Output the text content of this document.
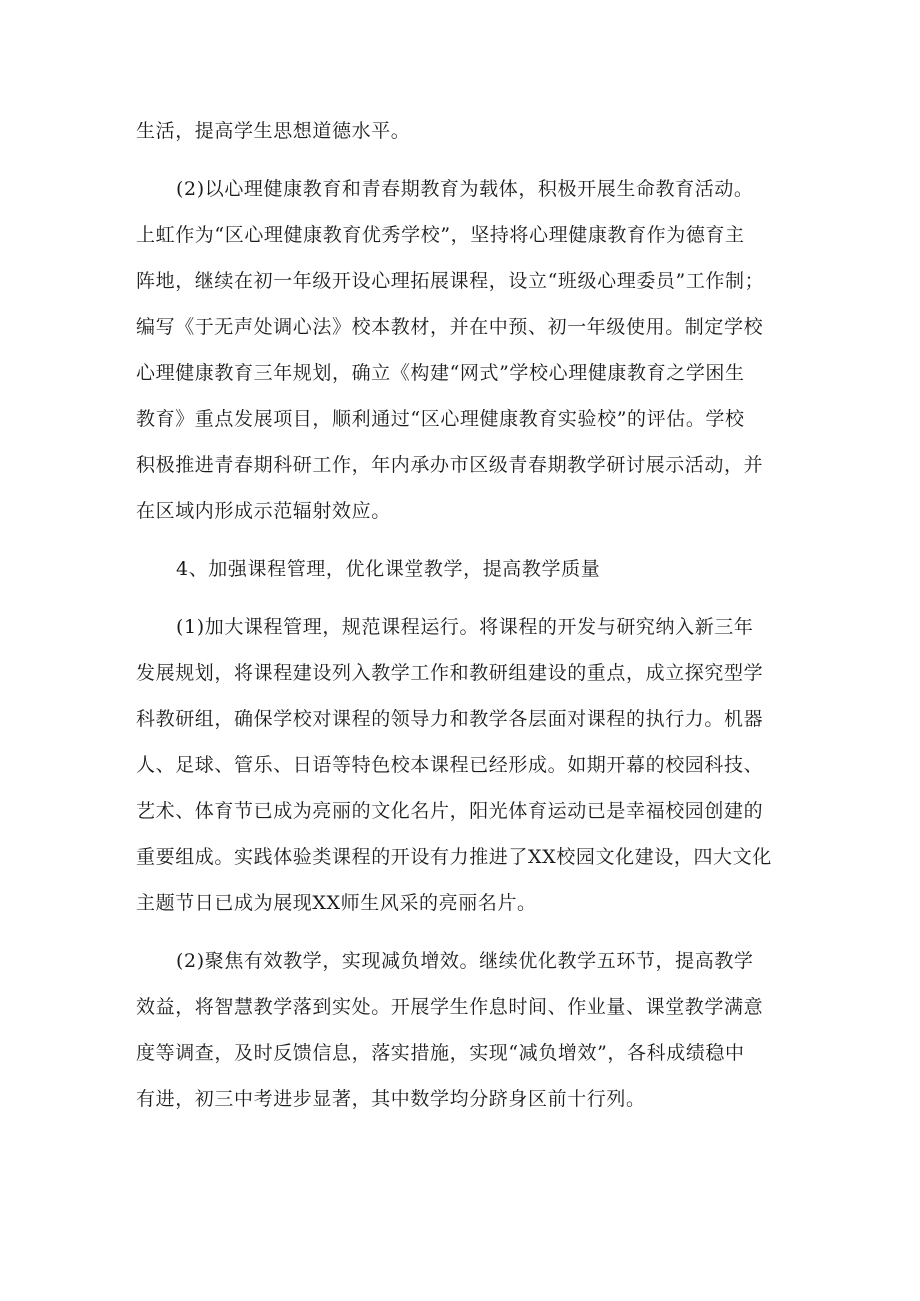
生活，提高学生思想道德水平。
(2)以心理健康教育和青春期教育为载体，积极开展生命教育活动。
上虹作为“区心理健康教育优秀学校”，坚持将心理健康教育作为德育主
阵地，继续在初一年级开设心理拓展课程，设立“班级心理委员”工作制；
编写《于无声处调心法》校本教材，并在中预、初一年级使用。制定学校
心理健康教育三年规划，确立《构建“网式”学校心理健康教育之学困生
教育》重点发展项目，顺利通过“区心理健康教育实验校”的评估。学校
积极推进青春期科研工作，年内承办市区级青春期教学研讨展示活动，并
在区域内形成示范辐射效应。
4、加强课程管理，优化课堂教学，提高教学质量
(1)加大课程管理，规范课程运行。将课程的开发与研究纳入新三年
发展规划，将课程建设列入教学工作和教研组建设的重点，成立探究型学
科教研组，确保学校对课程的领导力和教学各层面对课程的执行力。机器
人、足球、管乐、日语等特色校本课程已经形成。如期开幕的校园科技、
艺术、体育节已成为亮丽的文化名片，阳光体育运动已是幸福校园创建的
重要组成。实践体验类课程的开设有力推进了XX校园文化建设，四大文化
主题节日已成为展现XX师生风采的亮丽名片。
(2)聚焦有效教学，实现减负增效。继续优化教学五环节，提高教学
效益，将智慧教学落到实处。开展学生作息时间、作业量、课堂教学满意
度等调查，及时反馈信息，落实措施，实现“减负增效”，各科成绩稳中
有进，初三中考进步显著，其中数学均分跻身区前十行列。
